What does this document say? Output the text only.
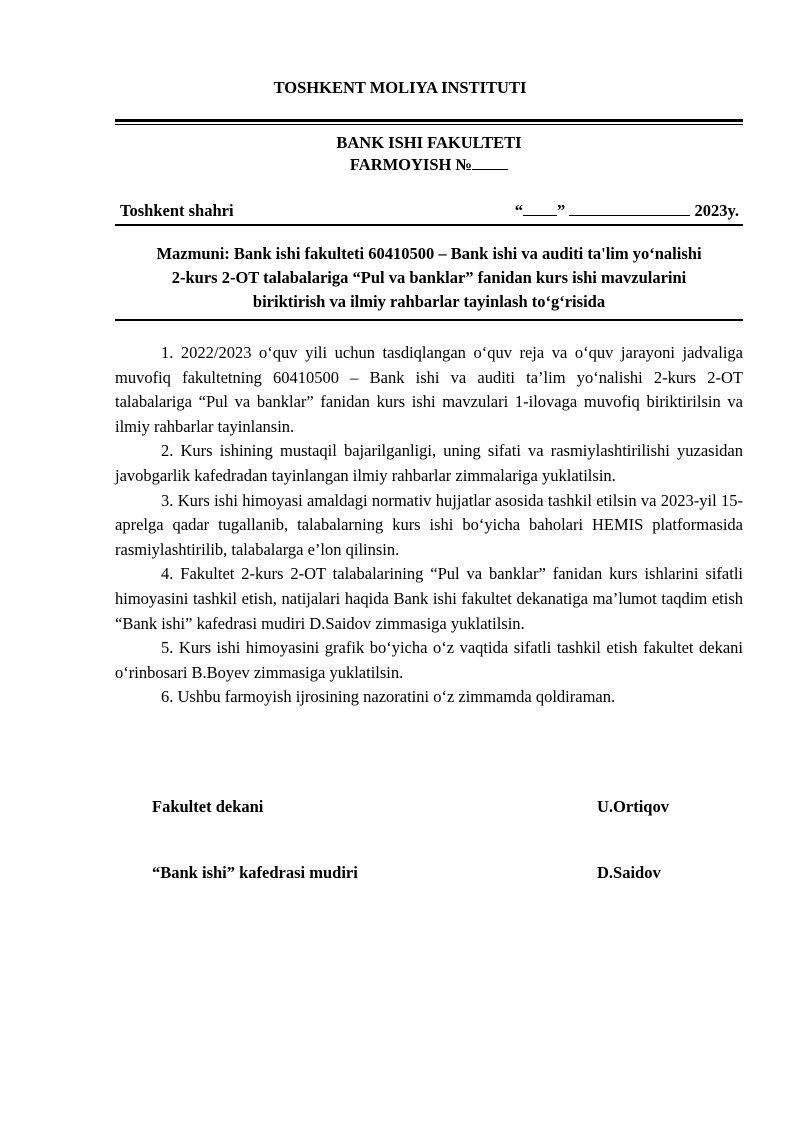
TOSHKENT MOLIYA INSTITUTI
BANK ISHI FAKULTETI
FARMOYISH №
Toshkent shahri	“ ”	2023y.
Mazmuni: Bank ishi fakulteti 60410500 – Bank ishi va auditi ta'lim yo‘nalishi
2-kurs 2-OT talabalariga “Pul va banklar” fanidan kurs ishi mavzularini
biriktirish va ilmiy rahbarlar tayinlash to‘g‘risida

1. 2022/2023 o‘quv yili uchun tasdiqlangan o‘quv reja va o‘quv jarayoni jadvaliga muvofiq fakultetning 60410500 – Bank ishi va auditi ta’lim yo‘nalishi 2-kurs 2-OT talabalariga “Pul va banklar” fanidan kurs ishi mavzulari 1-ilovaga muvofiq biriktirilsin va ilmiy rahbarlar tayinlansin.

2. Kurs ishining mustaqil bajarilganligi, uning sifati va rasmiylashtirilishi yuzasidan javobgarlik kafedradan tayinlangan ilmiy rahbarlar zimmalariga yuklatilsin.

3. Kurs ishi himoyasi amaldagi normativ hujjatlar asosida tashkil etilsin va 2023-yil 15-aprelga qadar tugallanib, talabalarning kurs ishi bo‘yicha baholari HEMIS platformasida rasmiylashtirilib, talabalarga e’lon qilinsin.

4. Fakultet 2-kurs 2-OT talabalarining “Pul va banklar” fanidan kurs ishlarini sifatli himoyasini tashkil etish, natijalari haqida Bank ishi fakultet dekanatiga ma’lumot taqdim etish “Bank ishi” kafedrasi mudiri D.Saidov zimmasiga yuklatilsin.

5. Kurs ishi himoyasini grafik bo‘yicha o‘z vaqtida sifatli tashkil etish fakultet dekani o‘rinbosari B.Boyev zimmasiga yuklatilsin.

6. Ushbu farmoyish ijrosining nazoratini o‘z zimmamda qoldiraman.

Fakultet dekani	U.Ortiqov
“Bank ishi” kafedrasi mudiri	D.Saidov
